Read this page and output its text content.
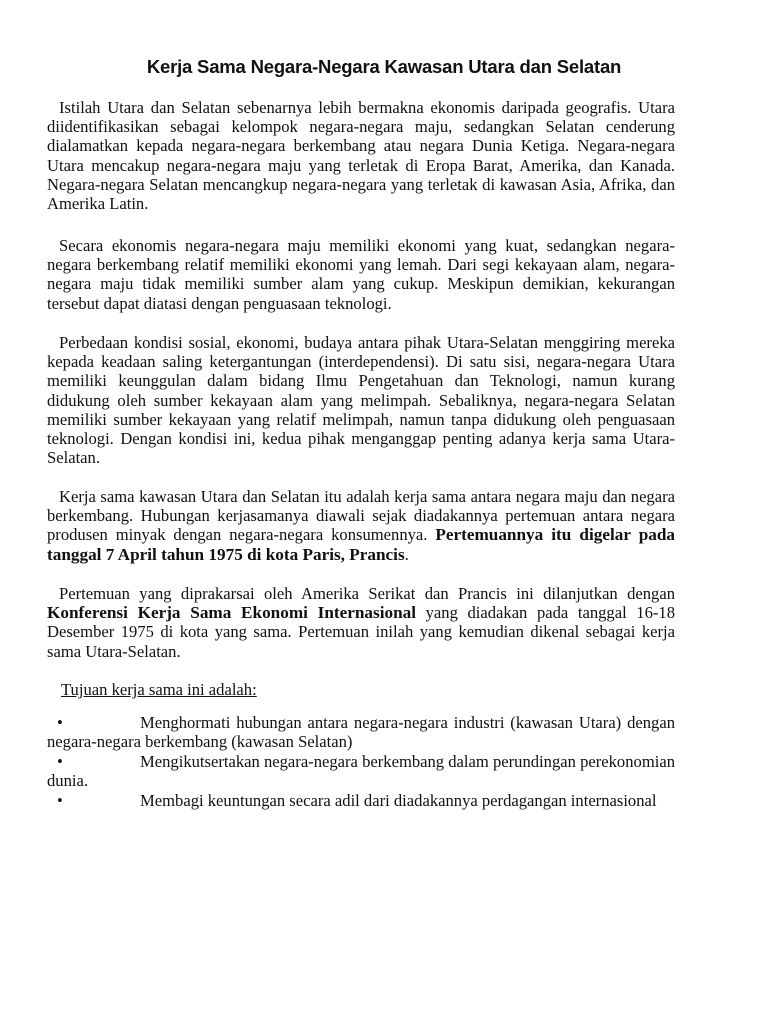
Kerja Sama Negara-Negara Kawasan Utara dan Selatan

Istilah Utara dan Selatan sebenarnya lebih bermakna ekonomis daripada geografis. Utara diidentifikasikan sebagai kelompok negara-negara maju, sedangkan Selatan cenderung dialamatkan kepada negara-negara berkembang atau negara Dunia Ketiga. Negara-negara Utara mencakup negara-negara maju yang terletak di Eropa Barat, Amerika, dan Kanada. Negara-negara Selatan mencangkup negara-negara yang terletak di kawasan Asia, Afrika, dan Amerika Latin.

Secara ekonomis negara-negara maju memiliki ekonomi yang kuat, sedangkan negara-negara berkembang relatif memiliki ekonomi yang lemah. Dari segi kekayaan alam, negara-negara maju tidak memiliki sumber alam yang cukup. Meskipun demikian, kekurangan tersebut dapat diatasi dengan penguasaan teknologi.

Perbedaan kondisi sosial, ekonomi, budaya antara pihak Utara-Selatan menggiring mereka kepada keadaan saling ketergantungan (interdependensi). Di satu sisi, negara-negara Utara memiliki keunggulan dalam bidang Ilmu Pengetahuan dan Teknologi, namun kurang didukung oleh sumber kekayaan alam yang melimpah. Sebaliknya, negara-negara Selatan memiliki sumber kekayaan yang relatif melimpah, namun tanpa didukung oleh penguasaan teknologi. Dengan kondisi ini, kedua pihak menganggap penting adanya kerja sama Utara-Selatan.

Kerja sama kawasan Utara dan Selatan itu adalah kerja sama antara negara maju dan negara berkembang. Hubungan kerjasamanya diawali sejak diadakannya pertemuan antara negara produsen minyak dengan negara-negara konsumennya. Pertemuannya itu digelar pada tanggal 7 April tahun 1975 di kota Paris, Prancis.

Pertemuan yang diprakarsai oleh Amerika Serikat dan Prancis ini dilanjutkan dengan Konferensi Kerja Sama Ekonomi Internasional yang diadakan pada tanggal 16-18 Desember 1975 di kota yang sama. Pertemuan inilah yang kemudian dikenal sebagai kerja sama Utara-Selatan.

Tujuan kerja sama ini adalah:

•	Menghormati hubungan antara negara-negara industri (kawasan Utara) dengan negara-negara berkembang (kawasan Selatan)

•	Mengikutsertakan negara-negara berkembang dalam perundingan perekonomian dunia.

•	Membagi keuntungan secara adil dari diadakannya perdagangan internasional
